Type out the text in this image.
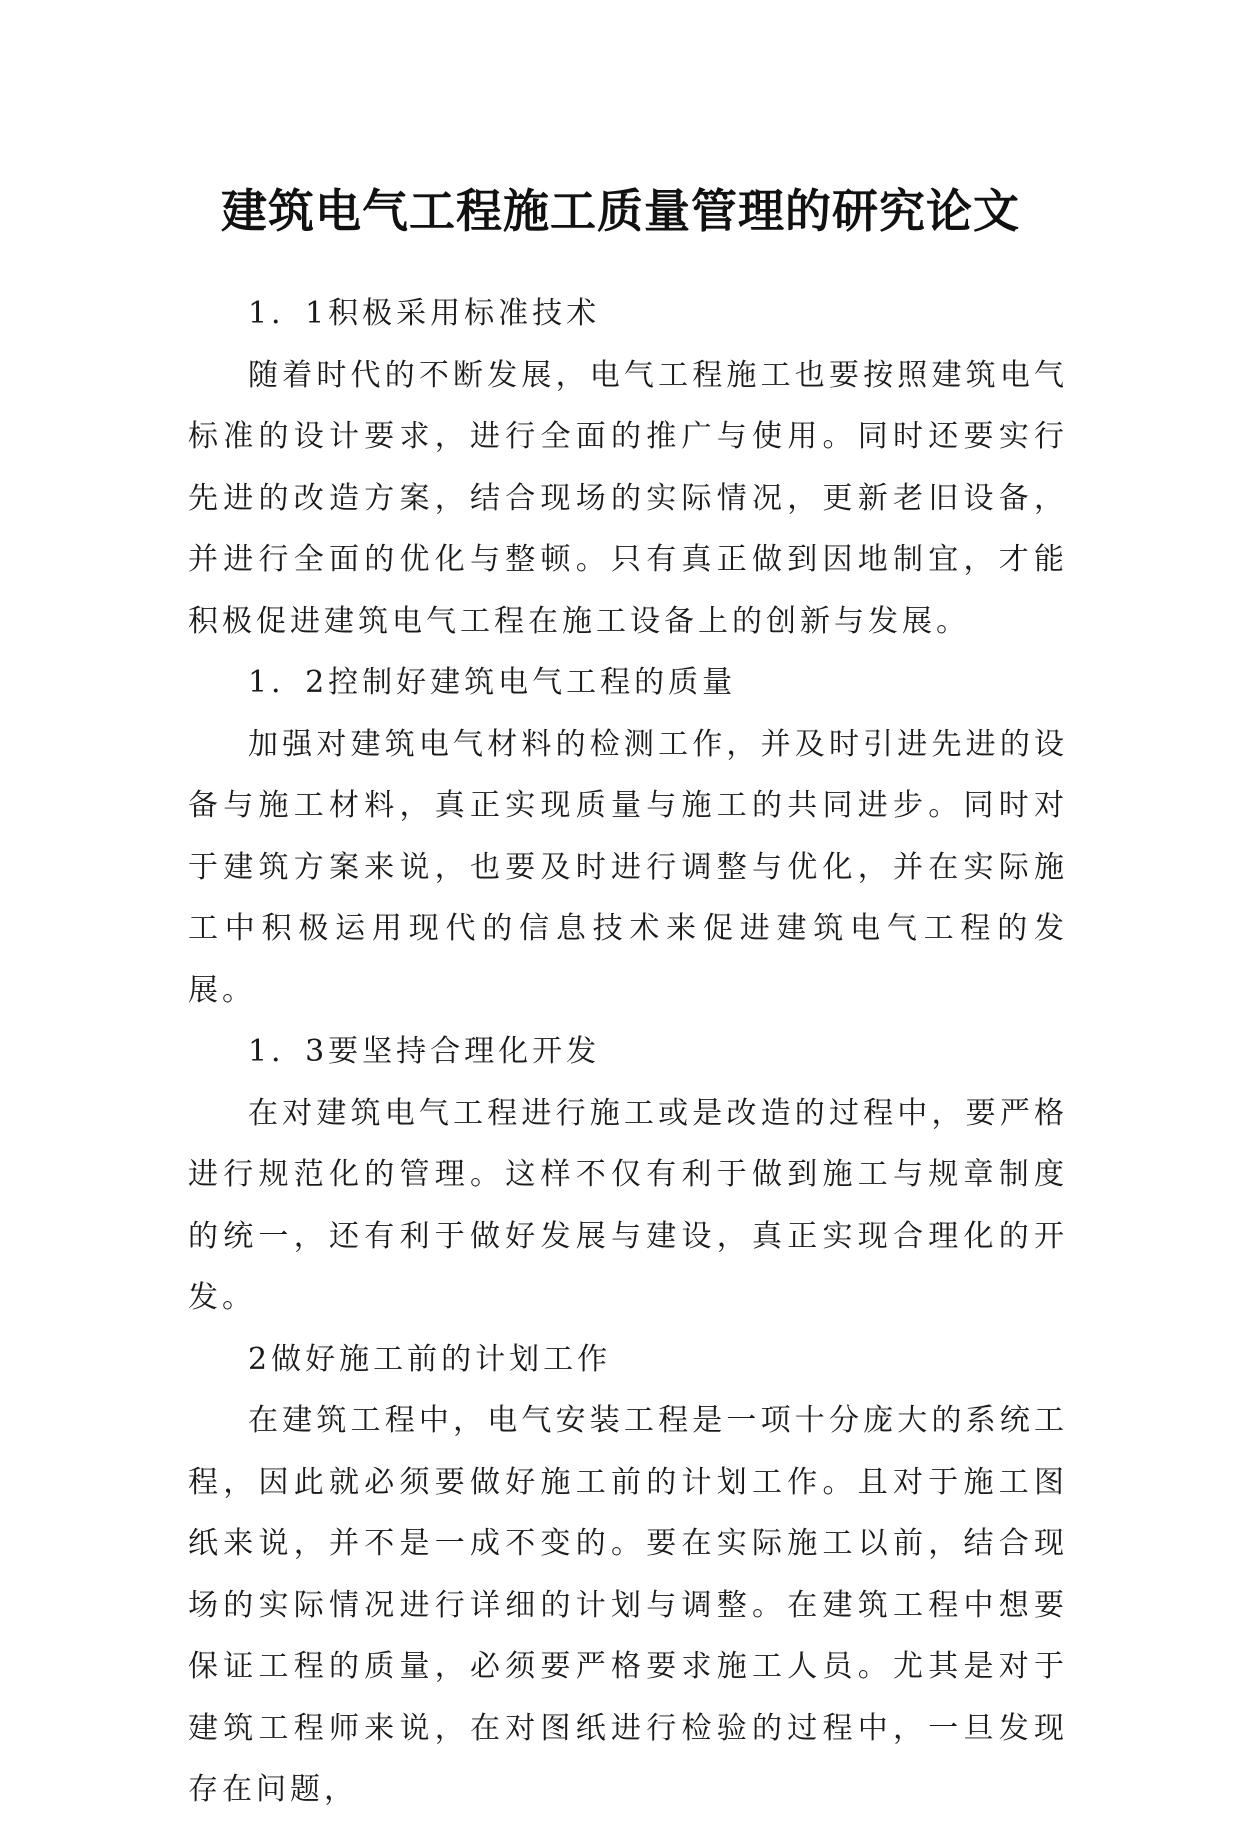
建筑电气工程施工质量管理的研究论文

1．1积极采用标准技术

随着时代的不断发展，电气工程施工也要按照建筑电气标准的设计要求，进行全面的推广与使用。同时还要实行先进的改造方案，结合现场的实际情况，更新老旧设备，并进行全面的优化与整顿。只有真正做到因地制宜，才能积极促进建筑电气工程在施工设备上的创新与发展。

1．2控制好建筑电气工程的质量

加强对建筑电气材料的检测工作，并及时引进先进的设备与施工材料，真正实现质量与施工的共同进步。同时对于建筑方案来说，也要及时进行调整与优化，并在实际施工中积极运用现代的信息技术来促进建筑电气工程的发展。

1．3要坚持合理化开发

在对建筑电气工程进行施工或是改造的过程中，要严格进行规范化的管理。这样不仅有利于做到施工与规章制度的统一，还有利于做好发展与建设，真正实现合理化的开发。

2做好施工前的计划工作

在建筑工程中，电气安装工程是一项十分庞大的系统工程，因此就必须要做好施工前的计划工作。且对于施工图纸来说，并不是一成不变的。要在实际施工以前，结合现场的实际情况进行详细的计划与调整。在建筑工程中想要保证工程的质量，必须要严格要求施工人员。尤其是对于建筑工程师来说，在对图纸进行检验的过程中，一旦发现存在问题，
